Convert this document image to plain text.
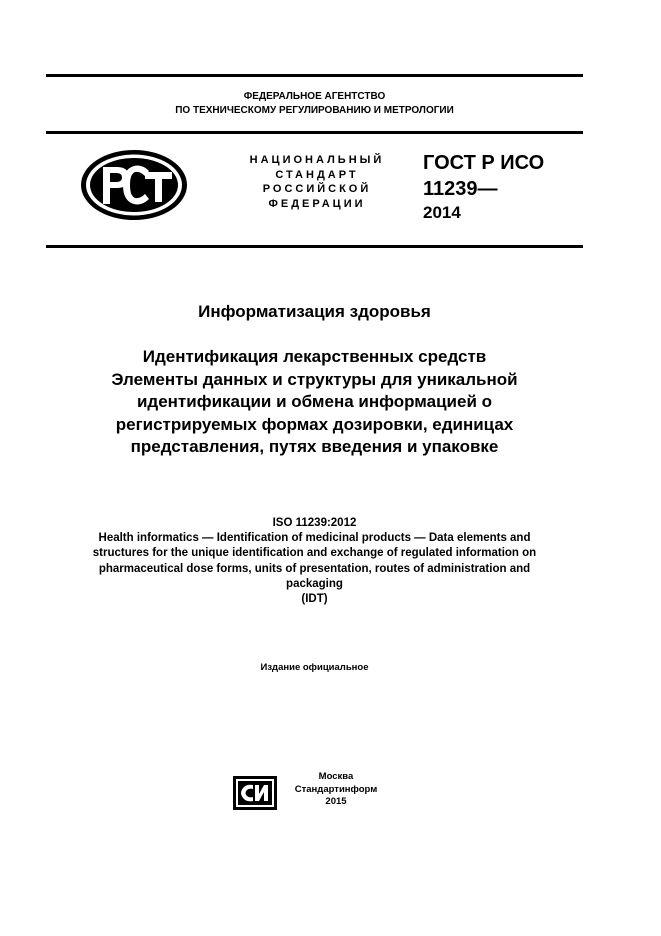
ФЕДЕРАЛЬНОЕ АГЕНТСТВО
ПО ТЕХНИЧЕСКОМУ РЕГУЛИРОВАНИЮ И МЕТРОЛОГИИ
НАЦИОНАЛЬНЫЙ
СТАНДАРТ
РОССИЙСКОЙ
ФЕДЕРАЦИИ
ГОСТ Р ИСО
11239—
2014
Информатизация здоровья
Идентификация лекарственных средств
Элементы данных и структуры для уникальной
идентификации и обмена информацией о
регистрируемых формах дозировки, единицах
представления, путях введения и упаковке
ISO 11239:2012
Health informatics — Identification of medicinal products — Data elements and
structures for the unique identification and exchange of regulated information on
pharmaceutical dose forms, units of presentation, routes of administration and
packaging
(IDT)
Издание официальное
Москва
Стандартинформ
2015
